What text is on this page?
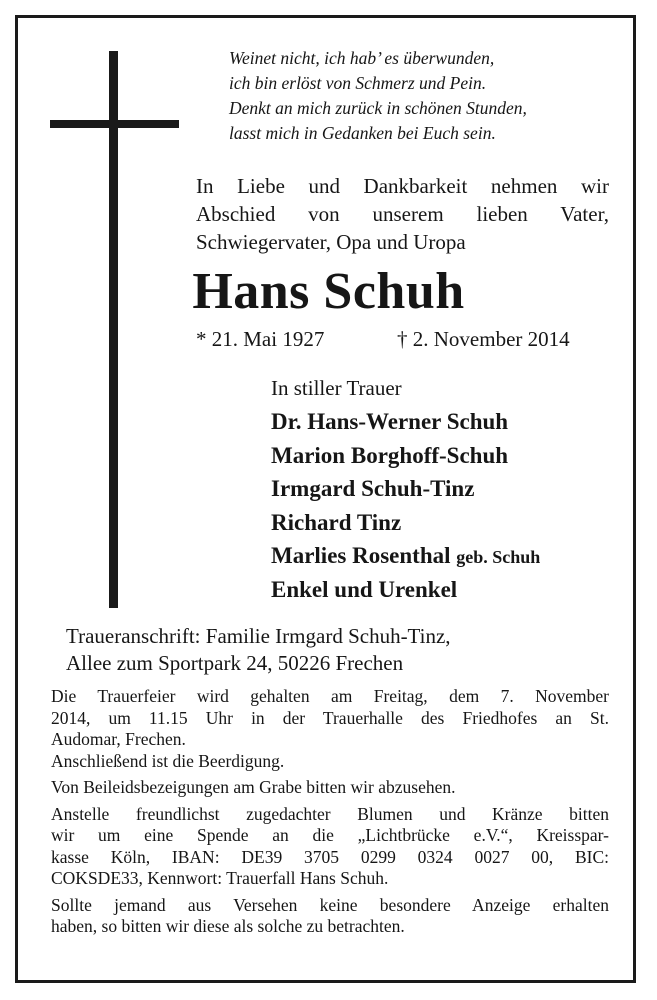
Weinet nicht, ich hab’ es überwunden,
ich bin erlöst von Schmerz und Pein.
Denkt an mich zurück in schönen Stunden,
lasst mich in Gedanken bei Euch sein.
In Liebe und Dankbarkeit nehmen wir
Abschied von unserem lieben Vater,
Schwiegervater, Opa und Uropa
Hans Schuh
* 21. Mai 1927	† 2. November 2014
In stiller Trauer
Dr. Hans-Werner Schuh
Marion Borghoff-Schuh
Irmgard Schuh-Tinz
Richard Tinz
Marlies Rosenthal geb. Schuh
Enkel und Urenkel
Traueranschrift: Familie Irmgard Schuh-Tinz,
Allee zum Sportpark 24, 50226 Frechen
Die Trauerfeier wird gehalten am Freitag, dem 7. November
2014, um 11.15 Uhr in der Trauerhalle des Friedhofes an St.
Audomar, Frechen.
Anschließend ist die Beerdigung.
Von Beileidsbezeigungen am Grabe bitten wir abzusehen.
Anstelle freundlichst zugedachter Blumen und Kränze bitten
wir um eine Spende an die „Lichtbrücke e.V.“, Kreisspar-
kasse Köln, IBAN: DE39 3705 0299 0324 0027 00, BIC:
COKSDE33, Kennwort: Trauerfall Hans Schuh.
Sollte jemand aus Versehen keine besondere Anzeige erhalten
haben, so bitten wir diese als solche zu betrachten.
